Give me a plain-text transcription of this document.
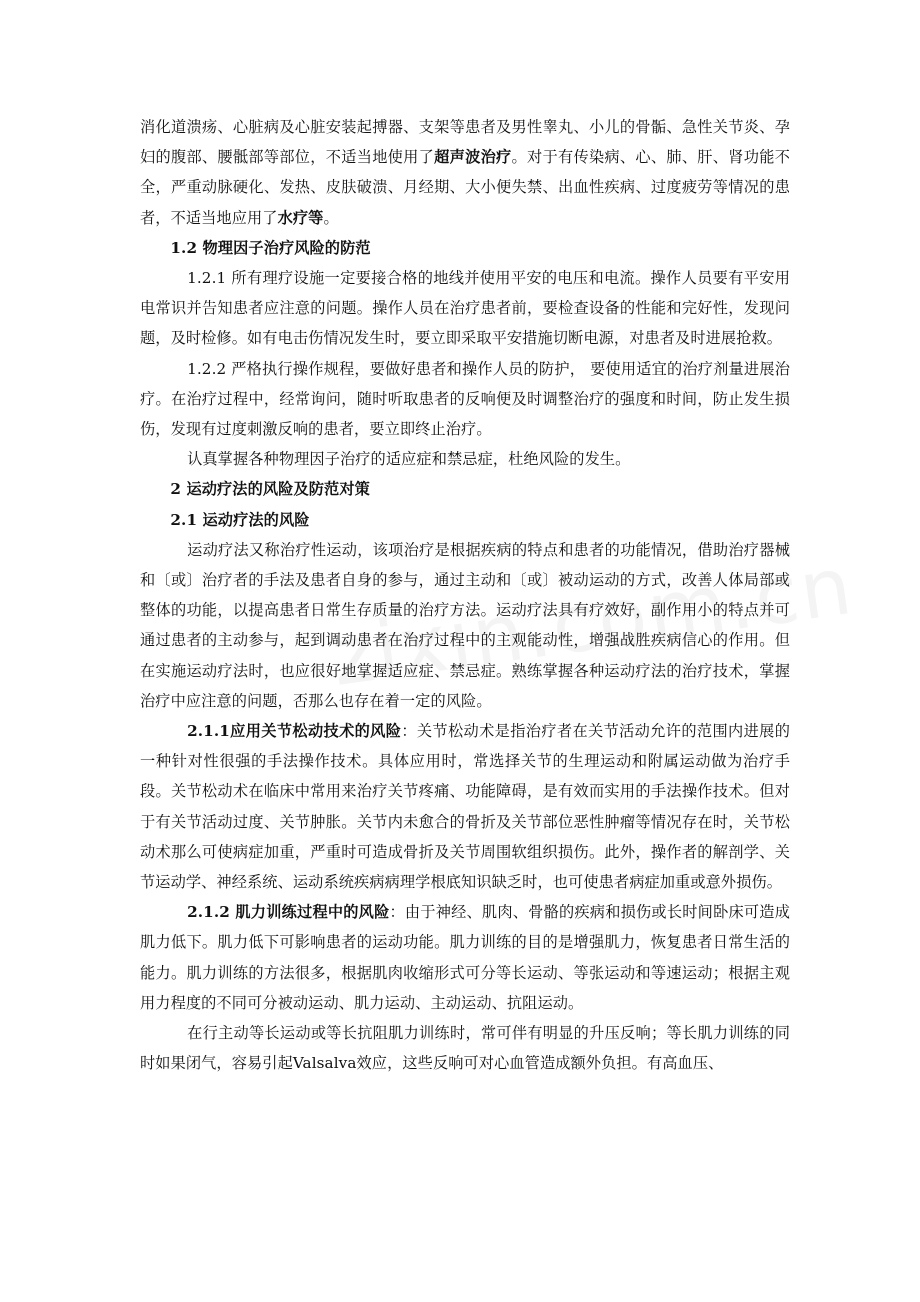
消化道溃疡、心脏病及心脏安装起搏器、支架等患者及男性睾丸、小儿的骨骺、急性关节炎、孕妇的腹部、腰骶部等部位，不适当地使用了超声波治疗。对于有传染病、心、肺、肝、肾功能不全，严重动脉硬化、发热、皮肤破溃、月经期、大小便失禁、出血性疾病、过度疲劳等情况的患者，不适当地应用了水疗等。

1.2 物理因子治疗风险的防范

1.2.1 所有理疗设施一定要接合格的地线并使用平安的电压和电流。操作人员要有平安用电常识并告知患者应注意的问题。操作人员在治疗患者前，要检查设备的性能和完好性，发现问题，及时检修。如有电击伤情况发生时，要立即采取平安措施切断电源，对患者及时进展抢救。

1.2.2 严格执行操作规程，要做好患者和操作人员的防护， 要使用适宜的治疗剂量进展治疗。在治疗过程中，经常询问，随时听取患者的反响便及时调整治疗的强度和时间，防止发生损伤，发现有过度刺激反响的患者，要立即终止治疗。

认真掌握各种物理因子治疗的适应症和禁忌症，杜绝风险的发生。

2 运动疗法的风险及防范对策

2.1 运动疗法的风险

运动疗法又称治疗性运动，该项治疗是根据疾病的特点和患者的功能情况，借助治疗器械和〔或〕治疗者的手法及患者自身的参与，通过主动和〔或〕被动运动的方式，改善人体局部或整体的功能，以提高患者日常生存质量的治疗方法。运动疗法具有疗效好，副作用小的特点并可通过患者的主动参与，起到调动患者在治疗过程中的主观能动性，增强战胜疾病信心的作用。但在实施运动疗法时，也应很好地掌握适应症、禁忌症。熟练掌握各种运动疗法的治疗技术，掌握治疗中应注意的问题，否那么也存在着一定的风险。

2.1.1应用关节松动技术的风险：关节松动术是指治疗者在关节活动允许的范围内进展的一种针对性很强的手法操作技术。具体应用时，常选择关节的生理运动和附属运动做为治疗手段。关节松动术在临床中常用来治疗关节疼痛、功能障碍，是有效而实用的手法操作技术。但对于有关节活动过度、关节肿胀。关节内未愈合的骨折及关节部位恶性肿瘤等情况存在时，关节松动术那么可使病症加重，严重时可造成骨折及关节周围软组织损伤。此外，操作者的解剖学、关节运动学、神经系统、运动系统疾病病理学根底知识缺乏时，也可使患者病症加重或意外损伤。

2.1.2 肌力训练过程中的风险：由于神经、肌肉、骨骼的疾病和损伤或长时间卧床可造成肌力低下。肌力低下可影响患者的运动功能。肌力训练的目的是增强肌力，恢复患者日常生活的能力。肌力训练的方法很多，根据肌肉收缩形式可分等长运动、等张运动和等速运动；根据主观用力程度的不同可分被动运动、肌力运动、主动运动、抗阻运动。

在行主动等长运动或等长抗阻肌力训练时，常可伴有明显的升压反响；等长肌力训练的同时如果闭气，容易引起Valsalva效应，这些反响可对心血管造成额外负担。有高血压、
